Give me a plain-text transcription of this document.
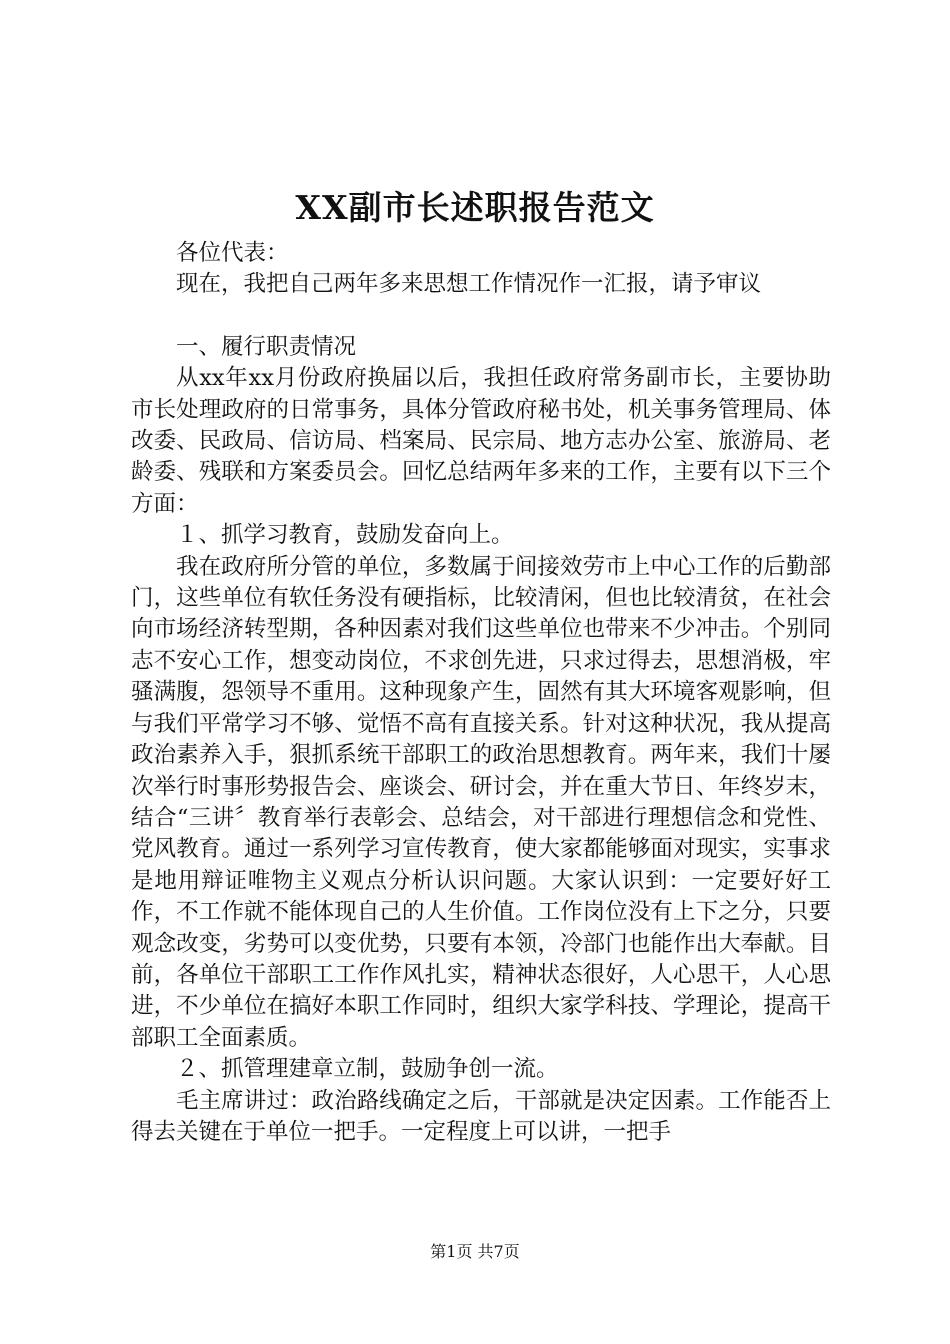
XX副市长述职报告范文

各位代表：

现在，我把自己两年多来思想工作情况作一汇报，请予审议

一、履行职责情况

从xx年xx月份政府换届以后，我担任政府常务副市长，主要协助市长处理政府的日常事务，具体分管政府秘书处，机关事务管理局、体改委、民政局、信访局、档案局、民宗局、地方志办公室、旅游局、老龄委、残联和方案委员会。回忆总结两年多来的工作，主要有以下三个方面：

１、抓学习教育，鼓励发奋向上。

我在政府所分管的单位，多数属于间接效劳市上中心工作的后勤部门，这些单位有软任务没有硬指标，比较清闲，但也比较清贫，在社会向市场经济转型期，各种因素对我们这些单位也带来不少冲击。个别同志不安心工作，想变动岗位，不求创先进，只求过得去，思想消极，牢骚满腹，怨领导不重用。这种现象产生，固然有其大环境客观影响，但与我们平常学习不够、觉悟不高有直接关系。针对这种状况，我从提高政治素养入手，狠抓系统干部职工的政治思想教育。两年来，我们十屡次举行时事形势报告会、座谈会、研讨会，并在重大节日、年终岁末，结合“三讲〞教育举行表彰会、总结会，对干部进行理想信念和党性、党风教育。通过一系列学习宣传教育，使大家都能够面对现实，实事求是地用辩证唯物主义观点分析认识问题。大家认识到：一定要好好工作，不工作就不能体现自己的人生价值。工作岗位没有上下之分，只要观念改变，劣势可以变优势，只要有本领，冷部门也能作出大奉献。目前，各单位干部职工工作作风扎实，精神状态很好，人心思干，人心思进，不少单位在搞好本职工作同时，组织大家学科技、学理论，提高干部职工全面素质。

２、抓管理建章立制，鼓励争创一流。

毛主席讲过：政治路线确定之后，干部就是决定因素。工作能否上得去关键在于单位一把手。一定程度上可以讲，一把手

第1页 共7页
